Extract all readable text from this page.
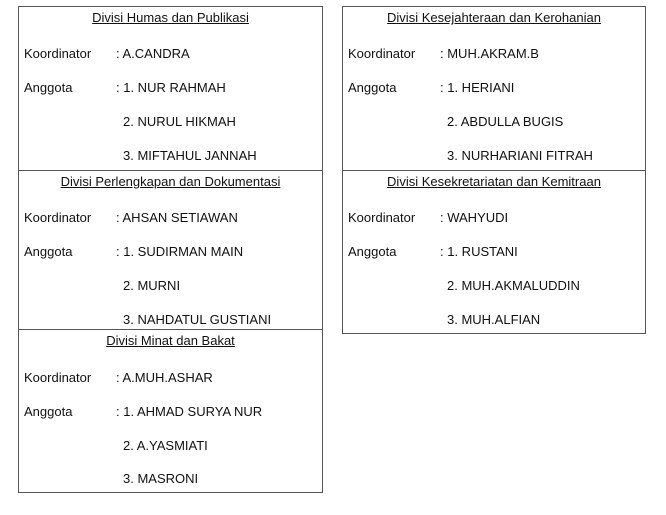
Divisi Humas dan Publikasi
Koordinator : A.CANDRA
Anggota	: 1. NUR RAHMAH
2. NURUL HIKMAH
3. MIFTAHUL JANNAH
Divisi Kesejahteraan dan Kerohanian
Koordinator : MUH.AKRAM.B
Anggota	: 1. HERIANI
2. ABDULLA BUGIS
3. NURHARIANI FITRAH
Divisi Perlengkapan dan Dokumentasi
Koordinator : AHSAN SETIAWAN
Anggota	: 1. SUDIRMAN MAIN
2. MURNI
3. NAHDATUL GUSTIANI
Divisi Kesekretariatan dan Kemitraan
Koordinator : WAHYUDI
Anggota	: 1. RUSTANI
2. MUH.AKMALUDDIN
3. MUH.ALFIAN
Divisi Minat dan Bakat
Koordinator : A.MUH.ASHAR
Anggota	: 1. AHMAD SURYA NUR
2. A.YASMIATI
3. MASRONI
